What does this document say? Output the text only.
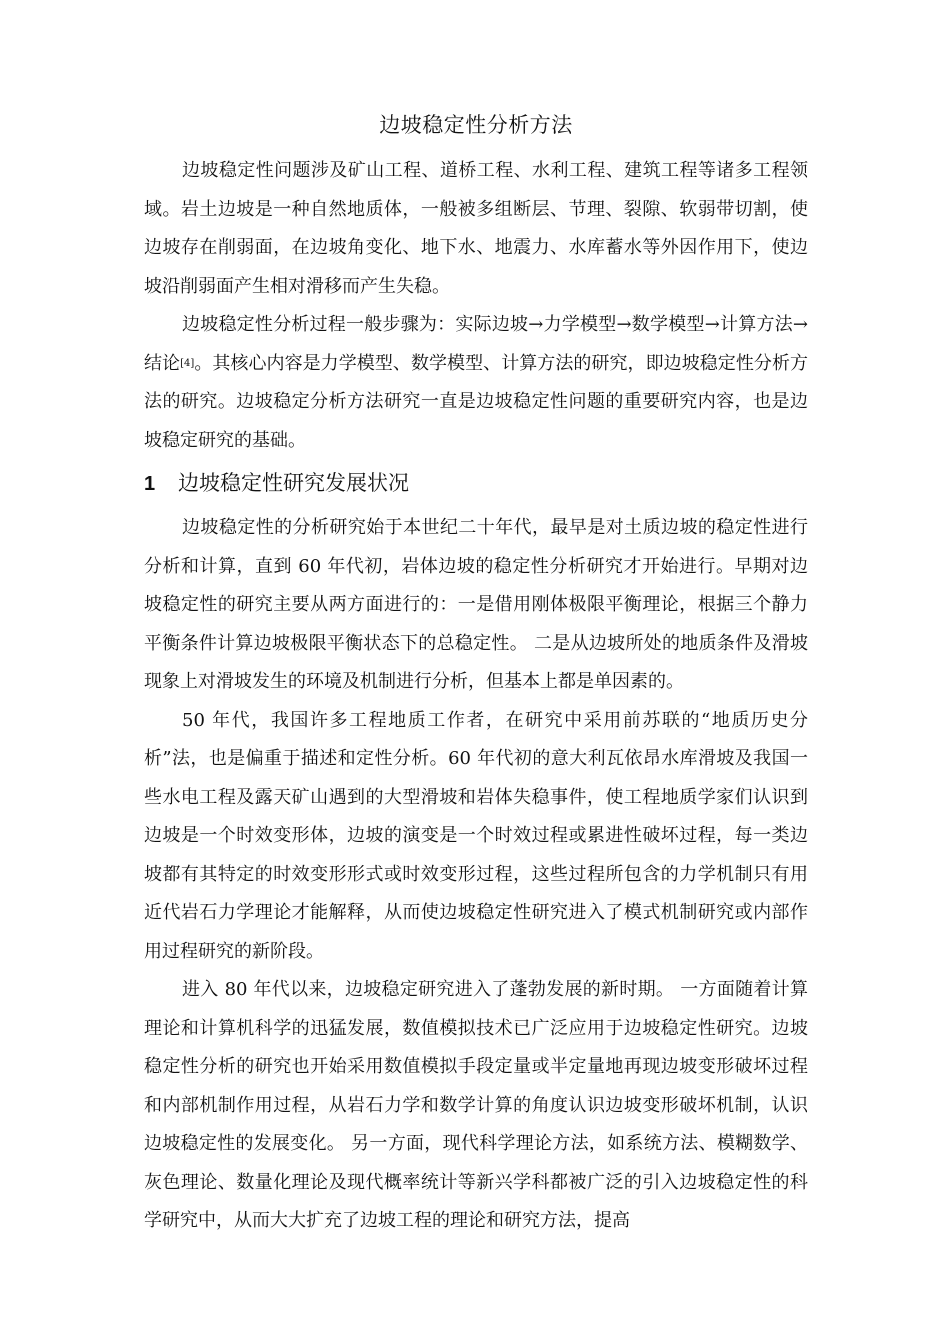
边坡稳定性分析方法

边坡稳定性问题涉及矿山工程、道桥工程、水利工程、建筑工程等诸多工程领域。岩土边坡是一种自然地质体，一般被多组断层、节理、裂隙、软弱带切割，使边坡存在削弱面，在边坡角变化、地下水、地震力、水库蓄水等外因作用下，使边坡沿削弱面产生相对滑移而产生失稳。

边坡稳定性分析过程一般步骤为：实际边坡→力学模型→数学模型→计算方法→结论[4]。其核心内容是力学模型、数学模型、计算方法的研究，即边坡稳定性分析方法的研究。边坡稳定分析方法研究一直是边坡稳定性问题的重要研究内容，也是边坡稳定研究的基础。

1	边坡稳定性研究发展状况

边坡稳定性的分析研究始于本世纪二十年代，最早是对土质边坡的稳定性进行分析和计算，直到 60 年代初，岩体边坡的稳定性分析研究才开始进行。早期对边坡稳定性的研究主要从两方面进行的：一是借用刚体极限平衡理论，根据三个静力平衡条件计算边坡极限平衡状态下的总稳定性。 二是从边坡所处的地质条件及滑坡现象上对滑坡发生的环境及机制进行分析，但基本上都是单因素的。

50 年代，我国许多工程地质工作者，在研究中采用前苏联的“地质历史分析”法，也是偏重于描述和定性分析。60 年代初的意大利瓦依昂水库滑坡及我国一些水电工程及露天矿山遇到的大型滑坡和岩体失稳事件，使工程地质学家们认识到边坡是一个时效变形体，边坡的演变是一个时效过程或累进性破坏过程，每一类边坡都有其特定的时效变形形式或时效变形过程，这些过程所包含的力学机制只有用近代岩石力学理论才能解释，从而使边坡稳定性研究进入了模式机制研究或内部作用过程研究的新阶段。

进入 80 年代以来，边坡稳定研究进入了蓬勃发展的新时期。 一方面随着计算理论和计算机科学的迅猛发展，数值模拟技术已广泛应用于边坡稳定性研究。边坡稳定性分析的研究也开始采用数值模拟手段定量或半定量地再现边坡变形破坏过程和内部机制作用过程，从岩石力学和数学计算的角度认识边坡变形破坏机制，认识边坡稳定性的发展变化。 另一方面，现代科学理论方法，如系统方法、模糊数学、灰色理论、数量化理论及现代概率统计等新兴学科都被广泛的引入边坡稳定性的科学研究中，从而大大扩充了边坡工程的理论和研究方法，提高
